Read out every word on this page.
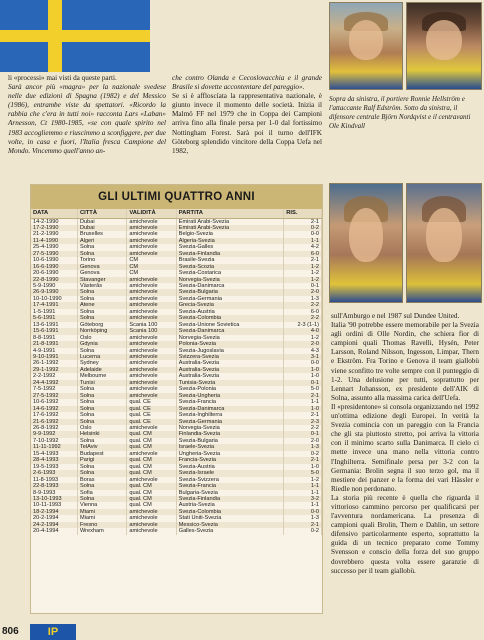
li «processi» mai visti da queste parti.

Sarà ancor più «magra» per la nazionale svedese nelle due edizioni di Spagna (1982) e del Messico (1986), entrambe viste da spettatori. «Ricordo la rabbia che c'era in tutti noi» racconta Lars «Laban» Arnesson, Ct 1980-1985, «se con quale spirito nel 1983 accogliemmo e riuscimmo a sconfiggere, per due volte, in casa e fuori, l'Italia fresca Campione del Mondo. Vincemmo quell'anno an-

che contro Olanda e Cecoslovacchia e il grande Brasile si dovette accontentare del pareggio».

Se si è affloscíata la rappresentativa nazionale, è giunto invece il momento delle società. Inizia il Malmö FF nel 1979 che in Coppa dei Campioni arriva fino alla finale persa per 1-0 dal fortissimo Nottingham Forest. Sarà poi il turno dell'IFK Göteborg splendido vincitore della Coppa Uefa nel 1982,

Sopra da sinistra, il portiere Ronnie Hellström e l'attaccante Ralf Edström. Sotto da sinistra, il difensore centrale Björn Nordqvist e il centravanti Ole Kindvall

sull'Amburgo e nel 1987 sul Dundee United.

Italia '90 potrebbe essere memorabile per la Svezia agli ordini di Olle Nordin, che schiera fior di campioni quali Thomas Ravelli, Hysén, Peter Larsson, Roland Nilsson, Ingesson, Limpar, Thern e Ekström. Fra Torino e Genova il team giallobù viene sconfitto tre volte sempre con il punteggio di 1-2. Una delusione per tutti, soprattutto per Lennart Johansson, ex presidente dell'AIK di Solna, assunto alla massima carica dell'Uefa.

Il «presidentone» si consola organizzando nel 1992 un'ottima edizione degli Europei. In verità la Svezia comincia con un pareggio con la Francia che gli sta piuttosto stretto, poi arriva la vittoria con il minimo scarto sulla Danimarca. Il cielo ci mette invece una mano nella vittoria contro l'Inghilterra. Semifinale persa per 3-2 con la Germania: Brolin segna il suo terzo gol, ma il mestiere dei panzer e la forma dei vari Hässler e Riedle non perdonano.

La storia più recente è quella che riguarda il vittorioso cammino percorso per qualificarsi per l'avventura nordamericana. La presenza di campioni quali Brolin, Thern e Dahlin, un settore difensivo particolarmente esperto, soprattutto la guida di un tecnico preparato come Tommy Svensson e conscio della forza del suo gruppo dovrebbero questa volta essere garanzie di successo per il team giallobù.

GLI ULTIMI QUATTRO ANNI
DATA	CITTÀ	VALIDITÀ	PARTITA	RIS.
14-2-1990	Dubai	amichevole	Emirati Arabi-Svezia	2-1
17-2-1990	Dubai	amichevole	Emirati Arabi-Svezia	0-2
21-2-1990	Bruxelles	amichevole	Belgio-Svezia	0-0
11-4-1990	Algeri	amichevole	Algeria-Svezia	1-1
25-4-1990	Solna	amichevole	Svezia-Galles	4-2
27-5-1990	Solna	amichevole	Svezia-Finlandia	6-0
10-6-1990	Torino	CM	Brasile-Svezia	2-1
16-6-1990	Genova	CM	Svezia-Scozia	1-2
20-6-1990	Genova	CM	Svezia-Costarica	1-2
22-8-1990	Stavanger	amichevole	Norvegia-Svezia	1-2
5-9-1990	Västerås	amichevole	Svezia-Danimarca	0-1
26-9-1990	Solna	amichevole	Svezia-Bulgaria	2-0
10-10-1990	Solna	amichevole	Svezia-Germania	1-3
17-4-1991	Atene	amichevole	Grecia-Svezia	2-2
1-5-1991	Solna	amichevole	Svezia-Austria	6-0
5-6-1991	Solna	amichevole	Svezia-Colombia	2-2
13-6-1991	Göteborg	Scania 100	Svezia-Unione Sovietica	2-3 (1-1)
15-6-1991	Norrköping	Scania 100	Svezia-Danimarca	4-0
8-8-1991	Oslo	amichevole	Norvegia-Svezia	1-2
21-8-1991	Gdynia	amichevole	Polonia-Svezia	2-0
4-9-1991	Solna	amichevole	Svezia-Jugoslavia	4-3
9-10-1991	Lucerna	amichevole	Svizzera-Svezia	3-1
26-1-1992	Sydney	amichevole	Australia-Svezia	0-0
29-1-1992	Adelaide	amichevole	Australia-Svezia	1-0
2-2-1992	Melbourne	amichevole	Australia-Svezia	1-0
24-4-1992	Tunisi	amichevole	Tunisia-Svezia	0-1
7-5-1992	Solna	amichevole	Svezia-Polonia	5-0
27-5-1992	Solna	amichevole	Svezia-Ungheria	2-1
10-6-1992	Solna	qual. CE	Svezia-Francia	1-1
14-6-1992	Solna	qual. CE	Svezia-Danimarca	1-0
17-6-1992	Solna	qual. CE	Svezia-Inghilterra	2-1
21-6-1992	Solna	qual. CE	Svezia-Germania	2-3
26-8-1992	Oslo	amichevole	Norvegia-Svezia	2-2
9-9-1992	Helsinki	qual. CM	Finlandia-Svezia	0-1
7-10-1992	Solna	qual. CM	Svezia-Bulgaria	2-0
11-11-1992	TelAviv	qual. CM	Israele-Svezia	1-3
15-4-1993	Budapest	amichevole	Ungheria-Svezia	0-2
28-4-1993	Parigi	qual. CM	Francia-Svezia	2-1
19-5-1993	Solna	qual. CM	Svezia-Austria	1-0
2-6-1993	Solna	qual. CM	Svezia-Israele	5-0
11-8-1993	Boras	amichevole	Svezia-Svizzera	1-2
22-8-1993	Solna	qual. CM	Svezia-Francia	1-1
8-9-1993	Sofia	qual. CM	Bulgaria-Svezia	1-1
13-10-1993	Solna	qual. CM	Svezia-Finlandia	3-2
10-11-1993	Vienna	qual. CM	Austria-Svezia	1-1
18-2-1994	Miami	amichevole	Svezia-Colombia	0-0
20-2-1994	Miami	amichevole	Stati Uniti-Svezia	1-3
24-2-1994	Fresno	amichevole	Messico-Svezia	2-1
20-4-1994	Wrexham	amichevole	Galles-Svezia	0-2
806	IP
